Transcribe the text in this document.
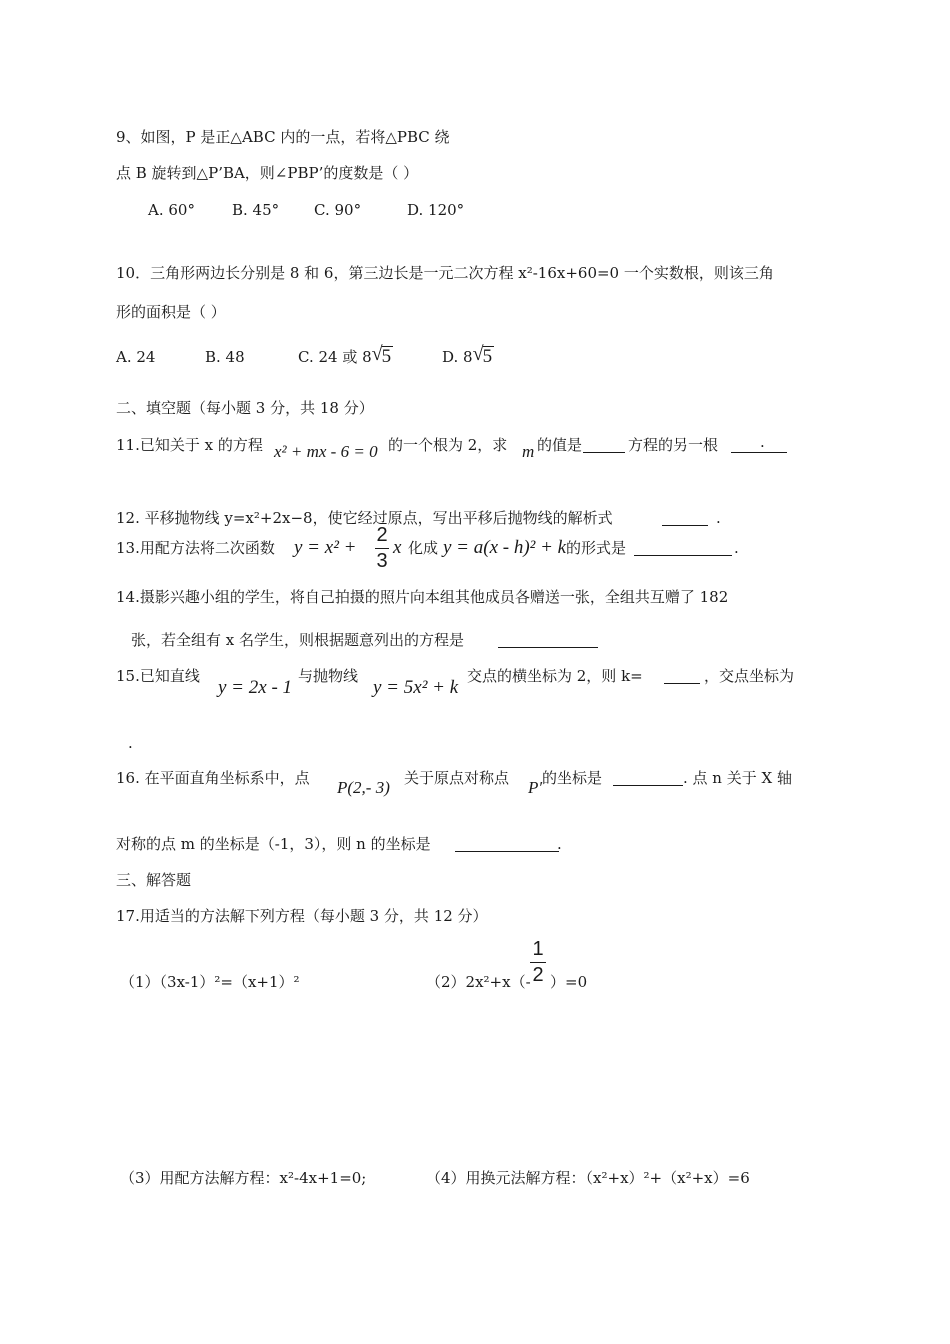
9、如图，P 是正△ABC 内的一点，若将△PBC 绕
点 B 旋转到△P’BA，则∠PBP’的度数是（ ）
A. 60° B. 45° C. 90°	D. 120°
10．三角形两边长分别是 8 和 6，第三边长是一元二次方程 x²-16x+60=0 一个实数根，则该三角
形的面积是（ ）
A. 24	B. 48	C. 24 或 8 √ 5	D. 8 √ 5
二、填空题（每小题 3 分，共 18 分）
11.已知关于 x 的方程 x² + mx - 6 = 0 的一个根为 2，求 m 的值是	方程的另一根	.
12. 平移抛物线 y=x²+2x−8，使它经过原点，写出平移后抛物线的解析式	.
13.用配方法将二次函数 y = x² +
2
3
x 化成 y = a(x - h)² + k 的形式是	.
14.摄影兴趣小组的学生，将自己拍摄的照片向本组其他成员各赠送一张，全组共互赠了 182
张，若全组有 x 名学生，则根据题意列出的方程是
15.已知直线
y = 2x - 1
与抛物线
y = 5x² + k
交点的横坐标为 2，则 k=	，交点坐标为
.
16. 在平面直角坐标系中，点 P(2,- 3) 关于原点对称点 P′ 的坐标是	. 点 n 关于 X 轴
对称的点 m 的坐标是（-1，3），则 n 的坐标是	.
三、解答题
17.用适当的方法解下列方程（每小题 3 分，共 12 分）
（1）（3x-1）²=（x+1）²	（2）2x²+x（-
1
2 ）=0
（3）用配方法解方程：x²-4x+1=0;	（4）用换元法解方程：（x²+x）²+（x²+x）=6
